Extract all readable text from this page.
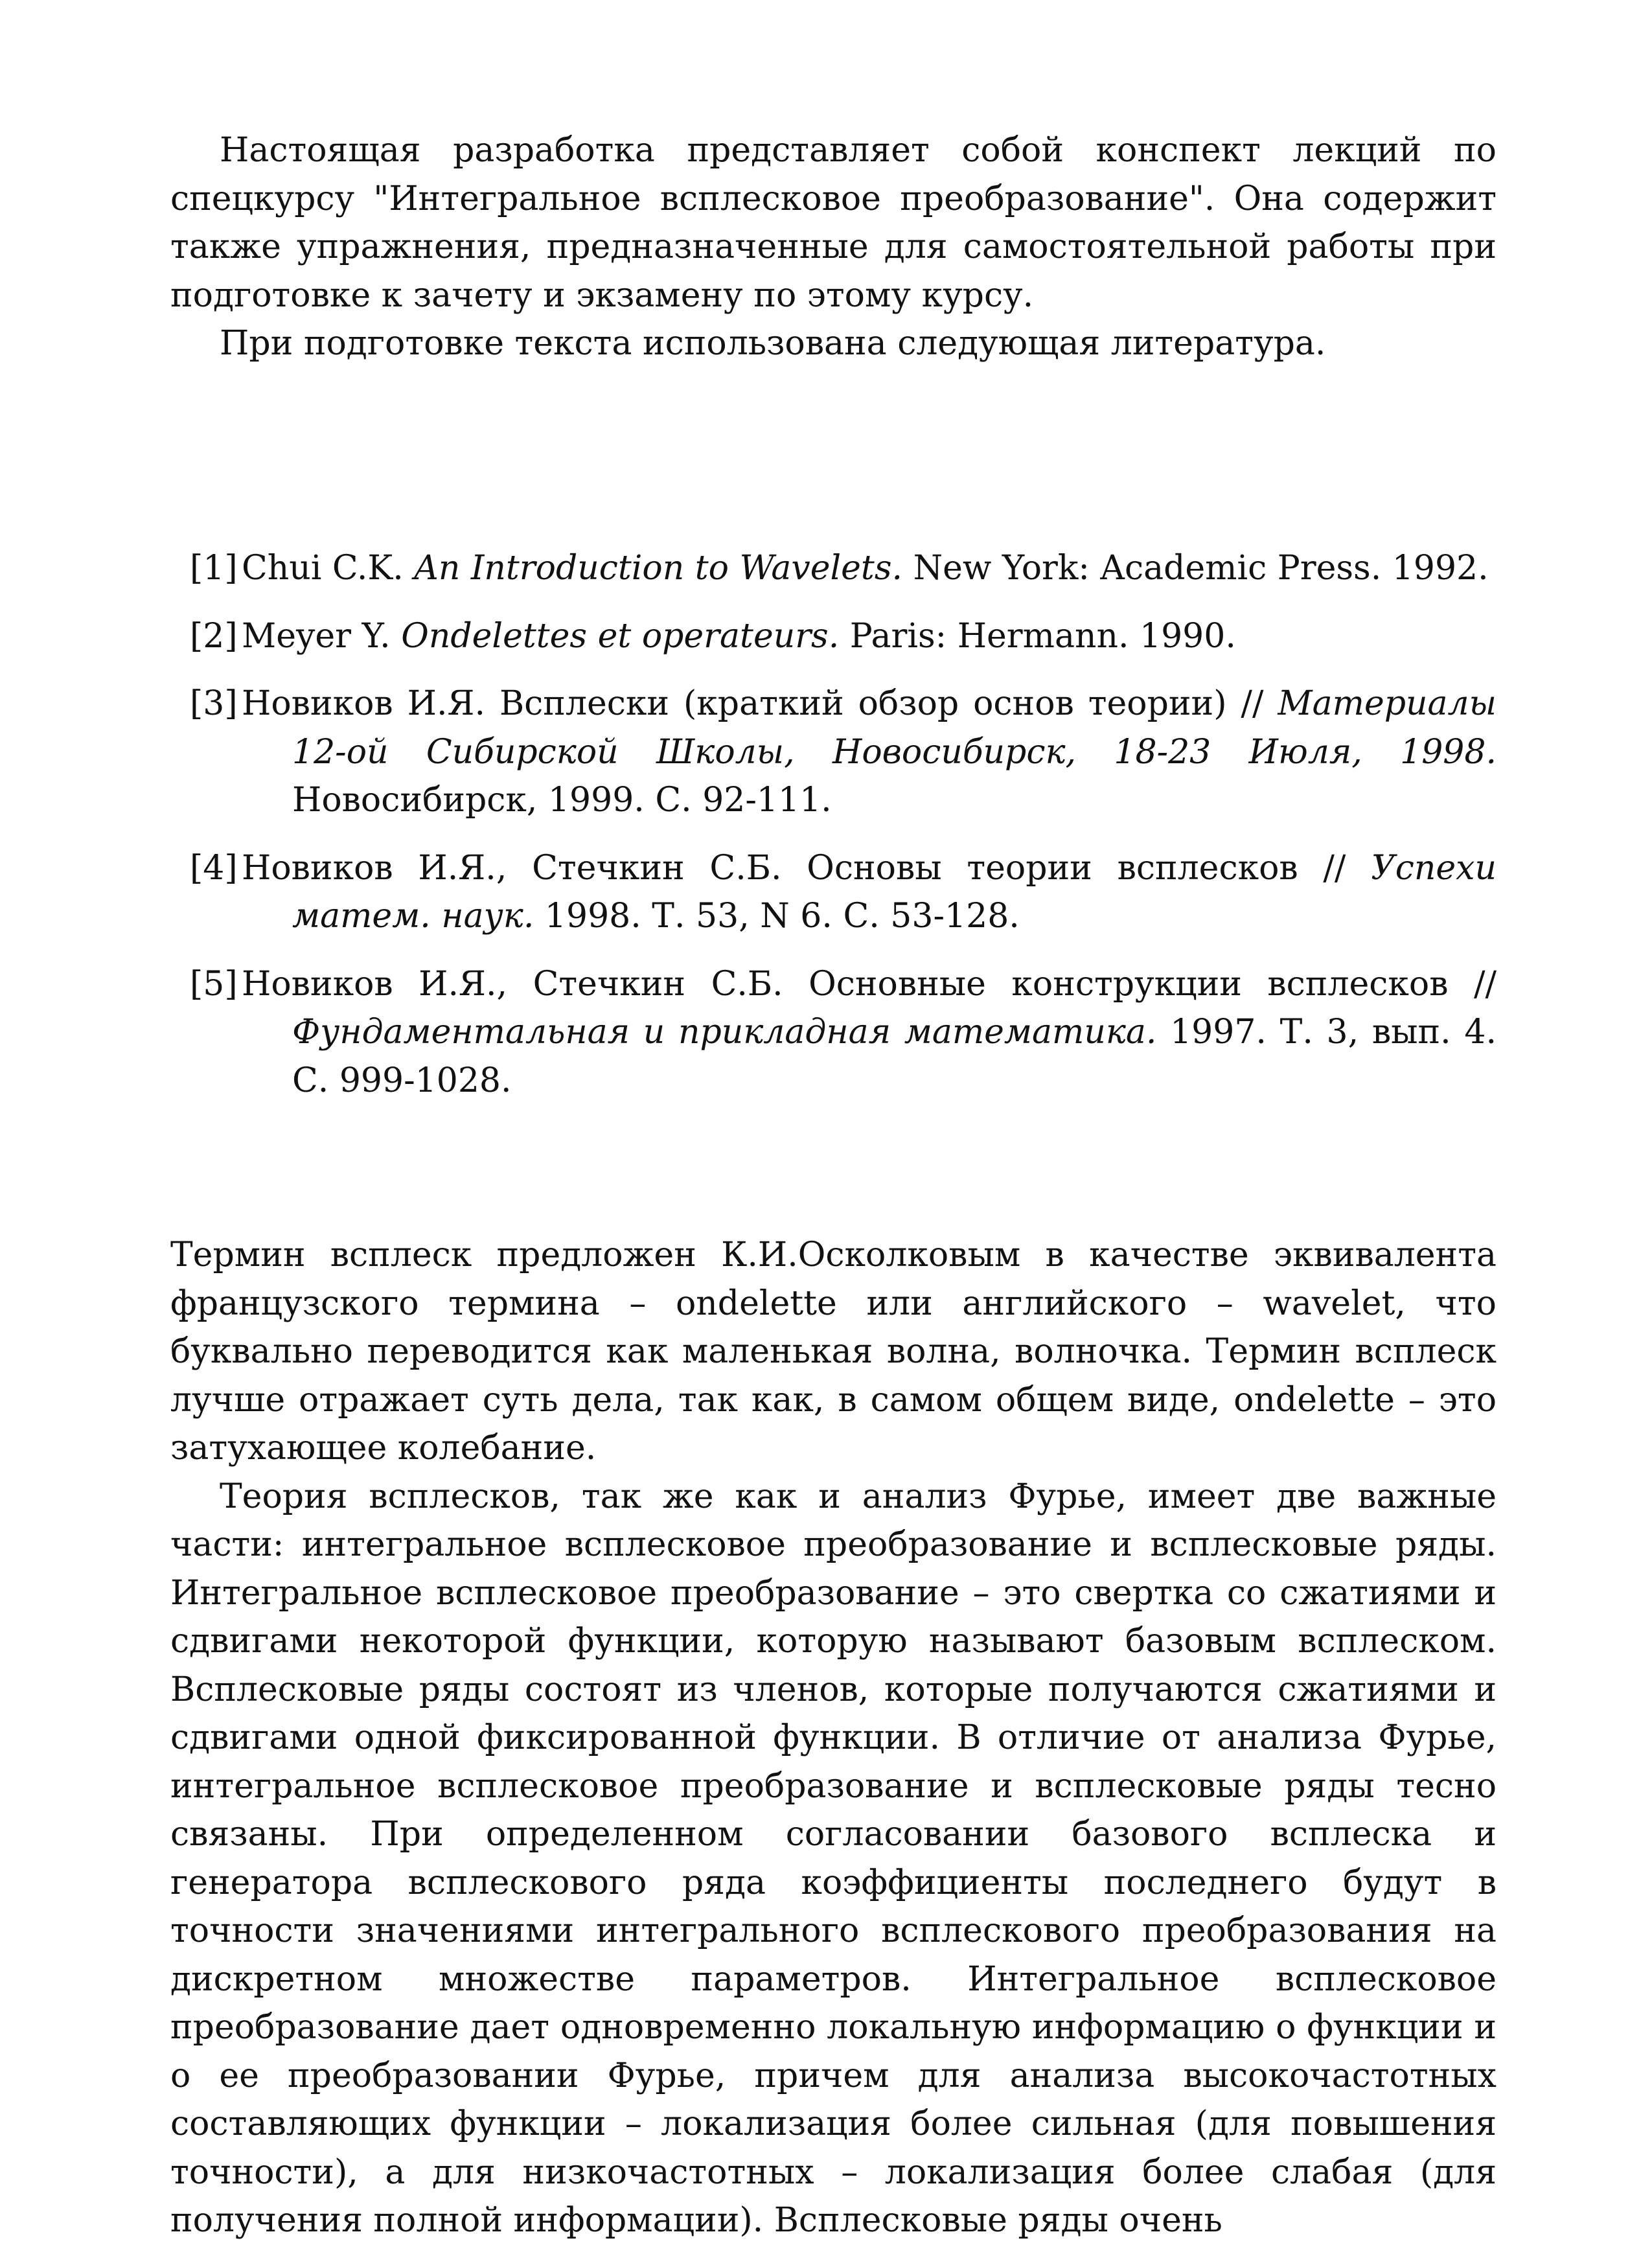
Настоящая разработка представляет собой конспект лекций по спецкурсу "Интегральное всплесковое преобразование". Она содержит также упражнения, предназначенные для самостоятельной работы при подготовке к зачету и экзамену по этому курсу.

При подготовке текста использована следующая литература.

[1] Chui C.K. An Introduction to Wavelets. New York: Academic Press. 1992.
[2] Meyer Y. Ondelettes et operateurs. Paris: Hermann. 1990.
[3] Новиков И.Я. Всплески (краткий обзор основ теории) // Материалы 12-ой Сибирской Школы, Новосибирск, 18-23 Июля, 1998. Новосибирск, 1999. С. 92-111.
[4] Новиков И.Я., Стечкин С.Б. Основы теории всплесков // Успехи матем. наук. 1998. Т. 53, N 6. С. 53-128.
[5] Новиков И.Я., Стечкин С.Б. Основные конструкции всплесков // Фундаментальная и прикладная математика. 1997. Т. 3, вып. 4. С. 999-1028.

Термин всплеск предложен К.И.Осколковым в качестве эквивалента французского термина – ondelette или английского – wavelet, что буквально переводится как маленькая волна, волночка. Термин всплеск лучше отражает суть дела, так как, в самом общем виде, ondelette – это затухающее колебание.

Теория всплесков, так же как и анализ Фурье, имеет две важные части: интегральное всплесковое преобразование и всплесковые ряды. Интегральное всплесковое преобразование – это свертка со сжатиями и сдвигами некоторой функции, которую называют базовым всплеском. Всплесковые ряды состоят из членов, которые получаются сжатиями и сдвигами одной фиксированной функции. В отличие от анализа Фурье, интегральное всплесковое преобразование и всплесковые ряды тесно связаны. При определенном согласовании базового всплеска и генератора всплескового ряда коэффициенты последнего будут в точности значениями интегрального всплескового преобразования на дискретном множестве параметров. Интегральное всплесковое преобразование дает одновременно локальную информацию о функции и о ее преобразовании Фурье, причем для анализа высокочастотных составляющих функции – локализация более сильная (для повышения точности), а для низкочастотных – локализация более слабая (для получения полной информации). Всплесковые ряды очень
